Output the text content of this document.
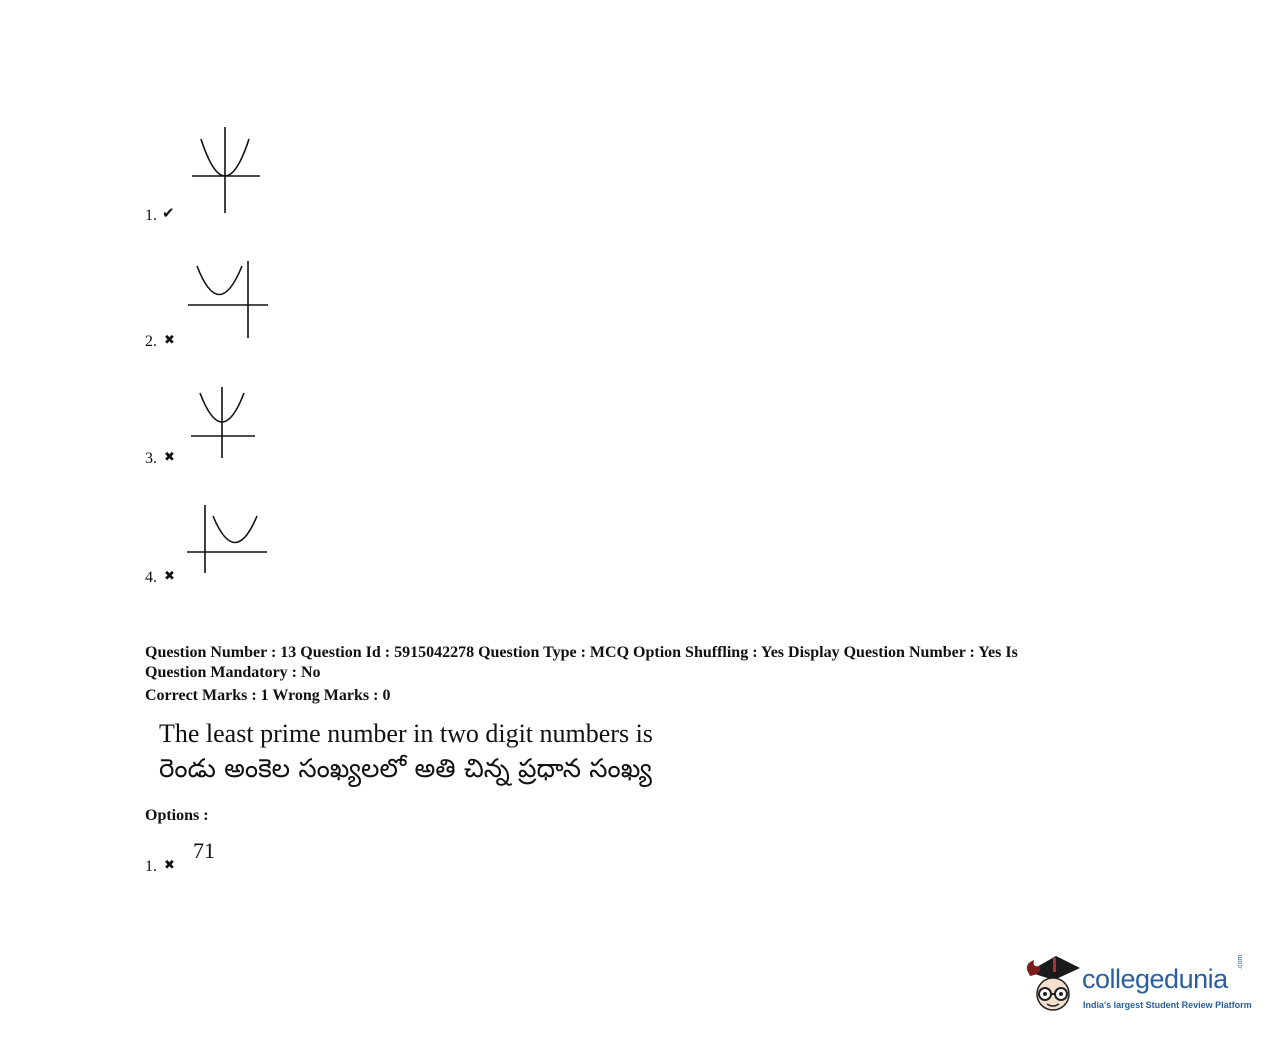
1. ✔
2. ✖
3. ✖
4. ✖
Question Number : 13 Question Id : 5915042278 Question Type : MCQ Option Shuffling : Yes Display Question Number : Yes Is
Question Mandatory : No
Correct Marks : 1 Wrong Marks : 0
The least prime number in two digit numbers is
రెండు అంకెల సంఖ్యలలో అతి చిన్న ప్రధాన సంఖ్య
Options :
1. ✖
71
collegedunia
.com
India's largest Student Review Platform
